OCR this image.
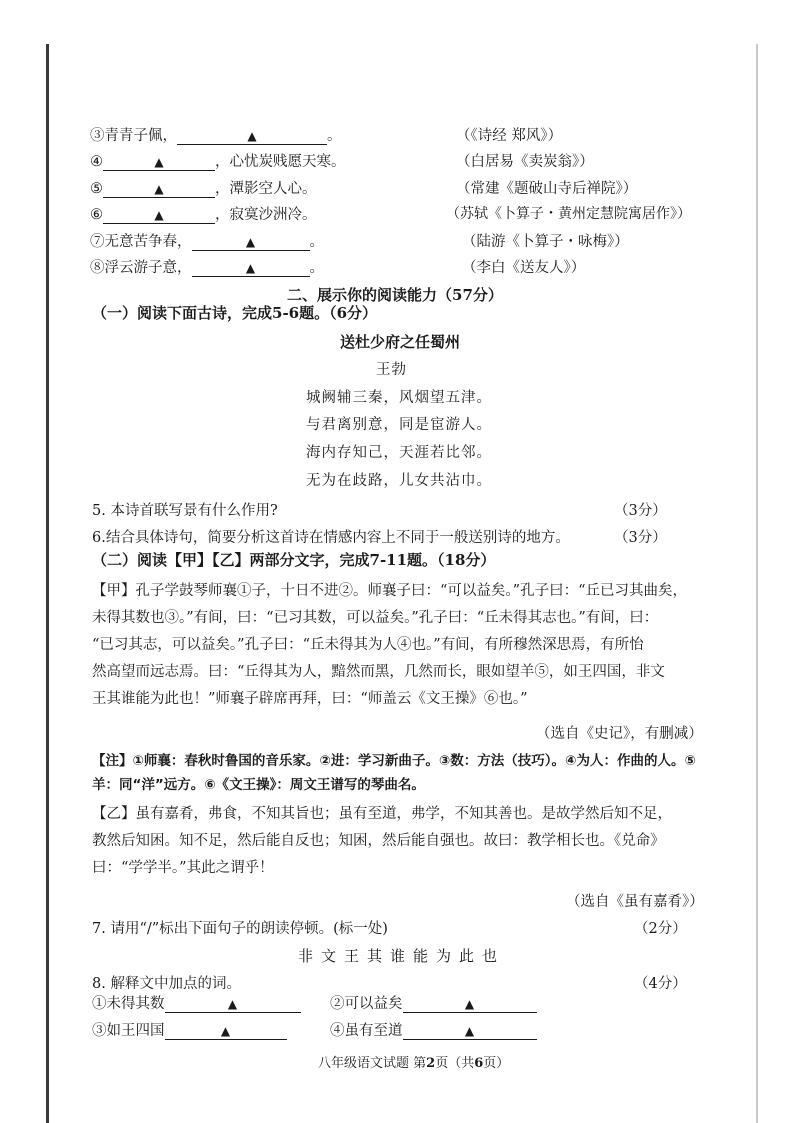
③青青子佩，	▲	。	（《诗经 郑风》）
④	▲	，心忧炭贱愿天寒。	（白居易《卖炭翁》）
⑤	▲	，潭影空人心。	（常建《题破山寺后禅院》）
⑥	▲	，寂寞沙洲冷。	（苏轼《卜算子・黄州定慧院寓居作》）
⑦无意苦争春，	▲	。	（陆游《卜算子・咏梅》）
⑧浮云游子意，	▲	。	（李白《送友人》）
二、展示你的阅读能力（57分）
（一）阅读下面古诗，完成5-6题。（6分）
送杜少府之任蜀州
王勃
城阙辅三秦，风烟望五津。
与君离别意，同是宦游人。
海内存知己，天涯若比邻。
无为在歧路，儿女共沾巾。
5. 本诗首联写景有什么作用?	（3分）
6.结合具体诗句，简要分析这首诗在情感内容上不同于一般送别诗的地方。	（3分）
（二）阅读【甲】【乙】两部分文字，完成7-11题。（18分）
【甲】孔子学鼓琴师襄①子，十日不进②。师襄子曰：“可以益矣。”孔子曰：“丘已习其曲矣，
未得其数也③。”有间，曰：“已习其数，可以益矣。”孔子曰：“丘未得其志也。”有间，曰：
“已习其志，可以益矣。”孔子曰：“丘未得其为人④也。”有间，有所穆然深思焉，有所怡
然高望而远志焉。曰：“丘得其为人，黯然而黑，几然而长，眼如望羊⑤，如王四国，非文
王其谁能为此也！”师襄子辟席再拜，曰：“师盖云《文王操》⑥也。”
（选自《史记》，有删减）
【注】①师襄：春秋时鲁国的音乐家。②进：学习新曲子。③数：方法（技巧）。④为人：作曲的人。⑤
羊：同“洋”远方。⑥《文王操》：周文王谱写的琴曲名。
【乙】虽有嘉肴，弗食，不知其旨也；虽有至道，弗学，不知其善也。是故学然后知不足，
教然后知困。知不足，然后能自反也；知困，然后能自强也。故曰：教学相长也。《兑命》
曰：“学学半。”其此之谓乎！
（选自《虽有嘉肴》）
7. 请用“/”标出下面句子的朗读停顿。(标一处)	（2分）
非文王其谁能为此也
8. 解释文中加点的词。	（4分）
①未得其数	▲	②可以益矣	▲
③如王四国	▲	④虽有至道	▲
八年级语文试题 第2页（共6页）
